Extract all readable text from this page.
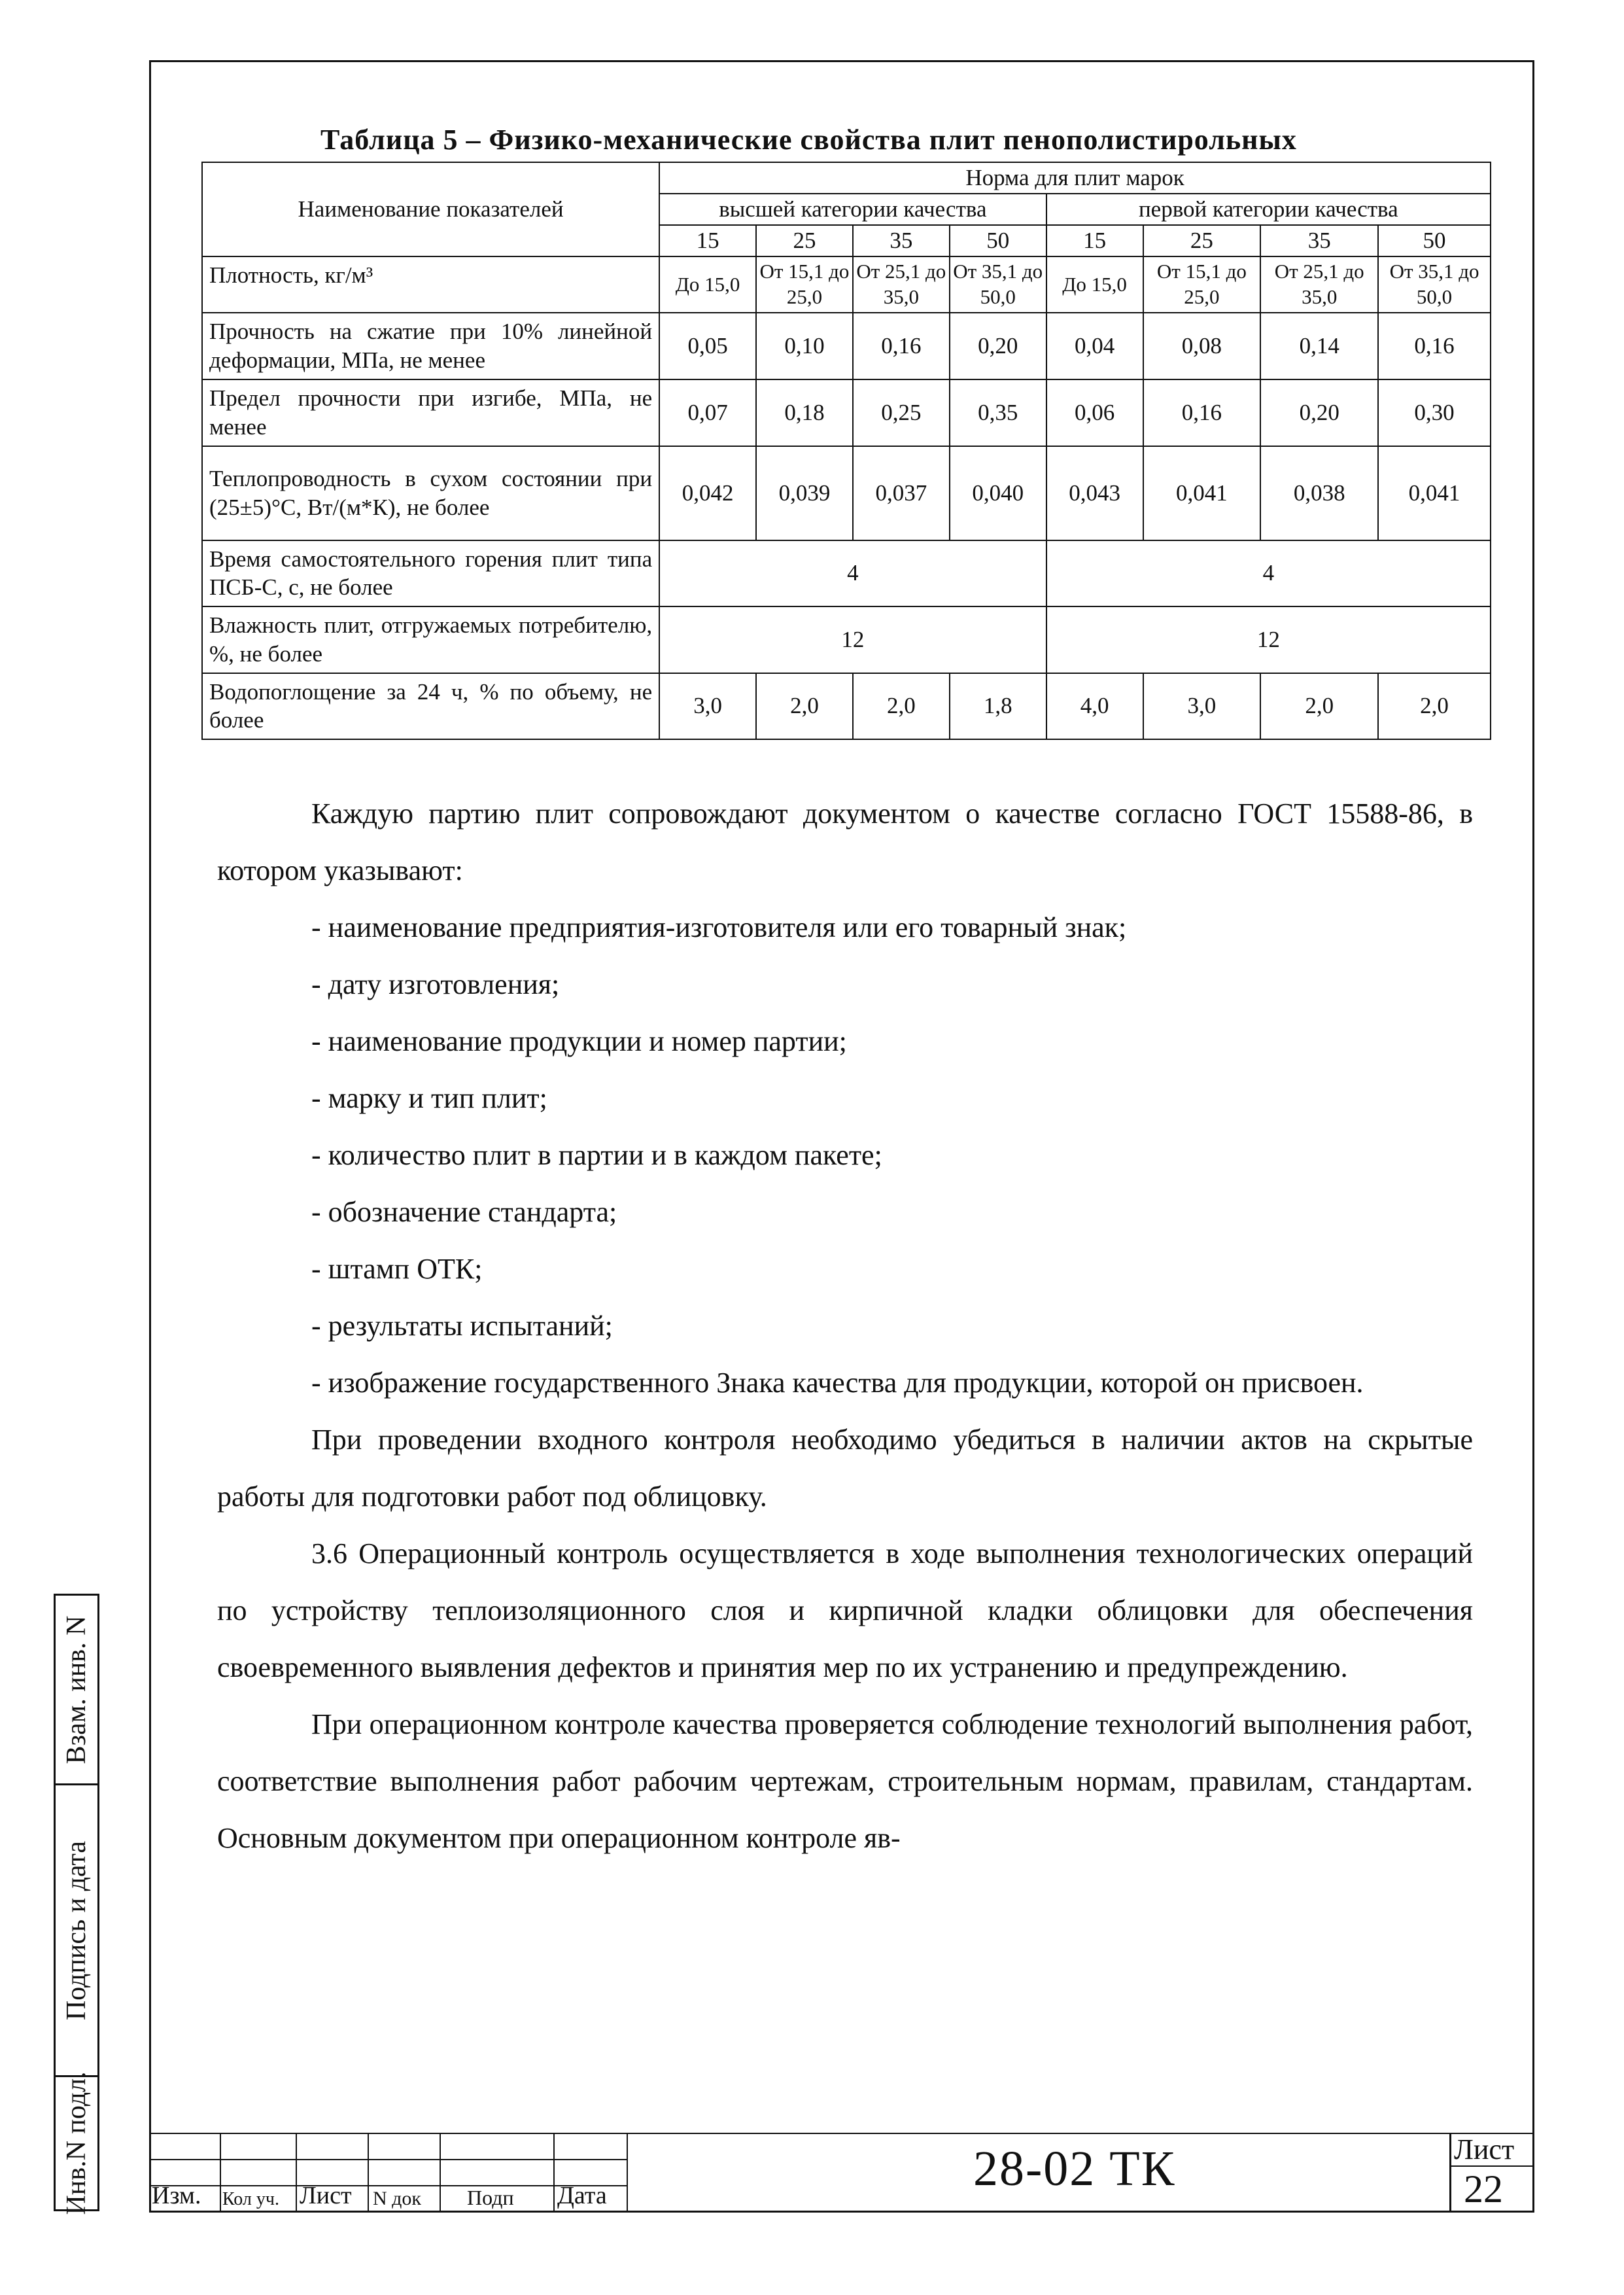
Таблица 5 – Физико-механические свойства плит пенополистирольных
Наименование показателей	Норма для плит марок							
	высшей категории качества				первой категории качества			
	15	25	35	50	15	25	35	50
Плотность, кг/м³	До 15,0	От 15,1 до 25,0	От 25,1 до 35,0	От 35,1 до 50,0	До 15,0	От 15,1 до 25,0	От 25,1 до 35,0	От 35,1 до 50,0
Прочность на сжатие при 10% линейной деформации, МПа, не менее	0,05	0,10	0,16	0,20	0,04	0,08	0,14	0,16
Предел прочности при изгибе, МПа, не менее	0,07	0,18	0,25	0,35	0,06	0,16	0,20	0,30
Теплопроводность в сухом состоянии при (25±5)°С, Вт/(м*К), не более	0,042	0,039	0,037	0,040	0,043	0,041	0,038	0,041
Время самостоятельного горения плит типа ПСБ-С, с, не более	4				4			
Влажность плит, отгружаемых потребителю, %, не более	12				12			
Водопоглощение за 24 ч, % по объему, не более	3,0	2,0	2,0	1,8	4,0	3,0	2,0	2,0

Каждую партию плит сопровождают документом о качестве согласно ГОСТ 15588-86, в котором указывают:

- наименование предприятия-изготовителя или его товарный знак;

- дату изготовления;

- наименование продукции и номер партии;

- марку и тип плит;

- количество плит в партии и в каждом пакете;

- обозначение стандарта;

- штамп ОТК;

- результаты испытаний;

- изображение государственного Знака качества для продукции, которой он присвоен.

При проведении входного контроля необходимо убедиться в наличии актов на скрытые работы для подготовки работ под облицовку.

3.6 Операционный контроль осуществляется в ходе выполнения технологических операций по устройству теплоизоляционного слоя и кирпичной кладки облицовки для обеспечения своевременного выявления дефектов и принятия мер по их устранению и предупреждению.

При операционном контроле качества проверяется соблюдение технологий выполнения работ, соответствие выполнения работ рабочим чертежам, строительным нормам, правилам, стандартам. Основным документом при операционном контроле яв-

Взам. инв. N
Подпись и дата
Инв.N подл. Изм. Кол уч. Лист N док Подп Дата	28-02 ТК	Лист
22
